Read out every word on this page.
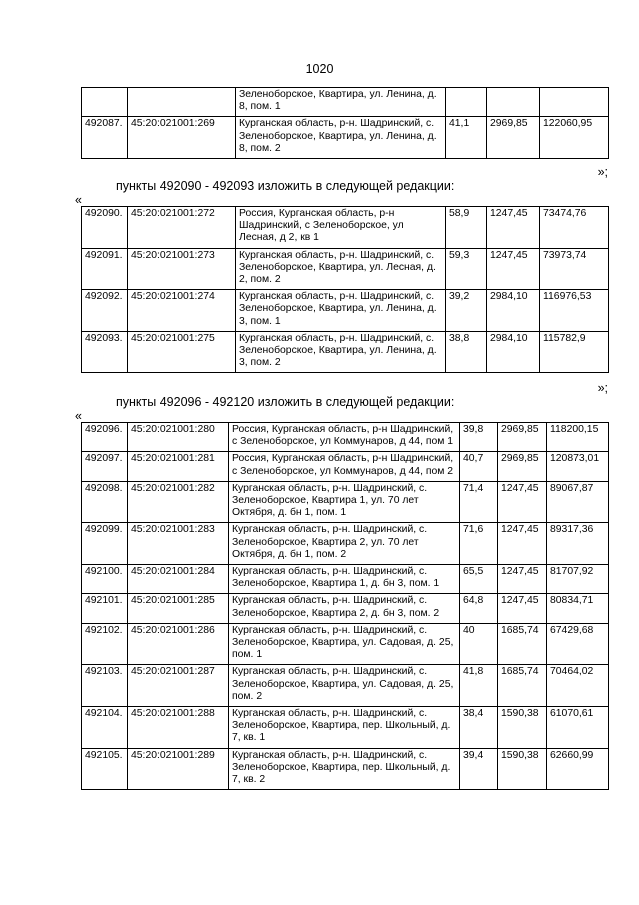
1020
		Зеленоборское, Квартира, ул. Ленина, д. 8, пом. 1			
492087.	45:20:021001:269	Курганская область, р-н. Шадринский, с. Зеленоборское, Квартира, ул. Ленина, д. 8, пом. 2	41,1	2969,85	122060,95
»;
пункты 492090 - 492093 изложить в следующей редакции:
«
492090.	45:20:021001:272	Россия, Курганская область, р-н Шадринский, с Зеленоборское, ул Лесная, д 2, кв 1	58,9	1247,45	73474,76
492091.	45:20:021001:273	Курганская область, р-н. Шадринский, с. Зеленоборское, Квартира, ул. Лесная, д. 2, пом. 2	59,3	1247,45	73973,74
492092.	45:20:021001:274	Курганская область, р-н. Шадринский, с. Зеленоборское, Квартира, ул. Ленина, д. 3, пом. 1	39,2	2984,10	116976,53
492093.	45:20:021001:275	Курганская область, р-н. Шадринский, с. Зеленоборское, Квартира, ул. Ленина, д. 3, пом. 2	38,8	2984,10	115782,9
»;
пункты 492096 - 492120 изложить в следующей редакции:
«
492096.	45:20:021001:280	Россия, Курганская область, р-н Шадринский, с Зеленоборское, ул Коммунаров, д 44, пом 1	39,8	2969,85	118200,15
492097.	45:20:021001:281	Россия, Курганская область, р-н Шадринский, с Зеленоборское, ул Коммунаров, д 44, пом 2	40,7	2969,85	120873,01
492098.	45:20:021001:282	Курганская область, р-н. Шадринский, с. Зеленоборское, Квартира 1, ул. 70 лет Октября, д. бн 1, пом. 1	71,4	1247,45	89067,87
492099.	45:20:021001:283	Курганская область, р-н. Шадринский, с. Зеленоборское, Квартира 2, ул. 70 лет Октября, д. бн 1, пом. 2	71,6	1247,45	89317,36
492100.	45:20:021001:284	Курганская область, р-н. Шадринский, с. Зеленоборское, Квартира 1, д. бн 3, пом. 1	65,5	1247,45	81707,92
492101.	45:20:021001:285	Курганская область, р-н. Шадринский, с. Зеленоборское, Квартира 2, д. бн 3, пом. 2	64,8	1247,45	80834,71
492102.	45:20:021001:286	Курганская область, р-н. Шадринский, с. Зеленоборское, Квартира, ул. Садовая, д. 25, пом. 1	40	1685,74	67429,68
492103.	45:20:021001:287	Курганская область, р-н. Шадринский, с. Зеленоборское, Квартира, ул. Садовая, д. 25, пом. 2	41,8	1685,74	70464,02
492104.	45:20:021001:288	Курганская область, р-н. Шадринский, с. Зеленоборское, Квартира, пер. Школьный, д. 7, кв. 1	38,4	1590,38	61070,61
492105.	45:20:021001:289	Курганская область, р-н. Шадринский, с. Зеленоборское, Квартира, пер. Школьный, д. 7, кв. 2	39,4	1590,38	62660,99
